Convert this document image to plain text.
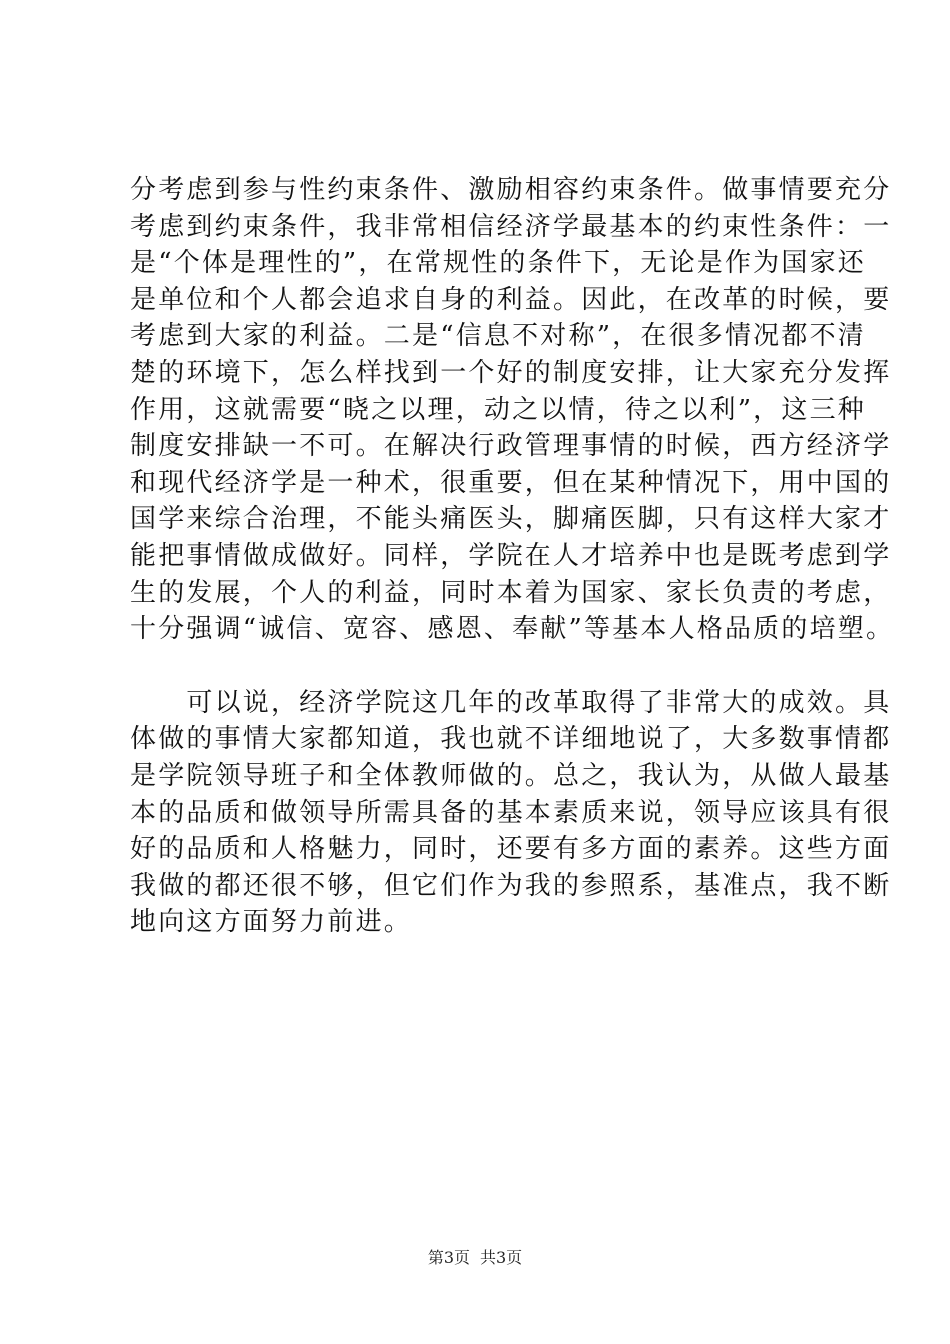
分考虑到参与性约束条件、激励相容约束条件。做事情要充分
考虑到约束条件，我非常相信经济学最基本的约束性条件：一
是“个体是理性的”，在常规性的条件下，无论是作为国家还
是单位和个人都会追求自身的利益。因此，在改革的时候，要
考虑到大家的利益。二是“信息不对称”，在很多情况都不清
楚的环境下，怎么样找到一个好的制度安排，让大家充分发挥
作用，这就需要“晓之以理，动之以情，待之以利”，这三种
制度安排缺一不可。在解决行政管理事情的时候，西方经济学
和现代经济学是一种术，很重要，但在某种情况下，用中国的
国学来综合治理，不能头痛医头，脚痛医脚，只有这样大家才
能把事情做成做好。同样，学院在人才培养中也是既考虑到学
生的发展，个人的利益，同时本着为国家、家长负责的考虑，
十分强调“诚信、宽容、感恩、奉献”等基本人格品质的培塑。
　　可以说，经济学院这几年的改革取得了非常大的成效。具
体做的事情大家都知道，我也就不详细地说了，大多数事情都
是学院领导班子和全体教师做的。总之，我认为，从做人最基
本的品质和做领导所需具备的基本素质来说，领导应该具有很
好的品质和人格魅力，同时，还要有多方面的素养。这些方面
我做的都还很不够，但它们作为我的参照系，基准点，我不断
地向这方面努力前进。
第3页 共3页
